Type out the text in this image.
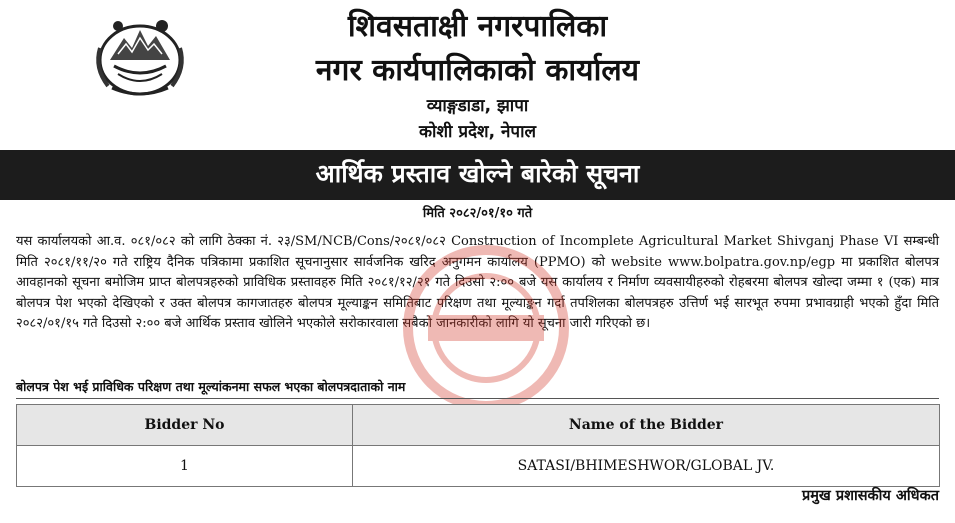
शिवसताक्षी नगरपालिका
नगर कार्यपालिकाको कार्यालय
व्याङ्गडाडा, झापा
कोशी प्रदेश, नेपाल
आर्थिक प्रस्ताव खोल्ने बारेको सूचना
मिति २०८२/०१/१० गते
यस कार्यालयको आ.व. ०८१/०८२ को लागि ठेक्का नं. २३/SM/NCB/Cons/२०८१/०८२ Construction of Incomplete Agricultural Market Shivganj Phase VI सम्बन्धी मिति २०८१/११/२० गते राष्ट्रिय दैनिक पत्रिकामा प्रकाशित सूचनानुसार सार्वजनिक खरिद अनुगमन कार्यालय (PPMO) को website www.bolpatra.gov.np/egp मा प्रकाशित बोलपत्र आवहानको सूचना बमोजिम प्राप्त बोलपत्रहरुको प्राविधिक प्रस्तावहरु मिति २०८१/१२/२१ गते दिउसो २:०० बजे यस कार्यालय र निर्माण व्यवसायीहरुको रोहबरमा बोलपत्र खोल्दा जम्मा १ (एक) मात्र बोलपत्र पेश भएको देखिएको र उक्त बोलपत्र कागजातहरु बोलपत्र मूल्याङ्कन समितिबाट परिक्षण तथा मूल्याङ्कन गर्दा तपशिलका बोलपत्रहरु उत्तिर्ण भई सारभूत रुपमा प्रभावग्राही भएको हुँदा मिति २०८२/०१/१५ गते दिउसो २:०० बजे आर्थिक प्रस्ताव खोलिने भएकोले सरोकारवाला सबैको जानकारीको लागि यो सूचना जारी गरिएको छ।
बोलपत्र पेश भई प्राविधिक परिक्षण तथा मूल्यांकनमा सफल भएका बोलपत्रदाताको नाम
Bidder No	Name of the Bidder
1	SATASI/BHIMESHWOR/GLOBAL JV.
प्रमुख प्रशासकीय अधिकत
